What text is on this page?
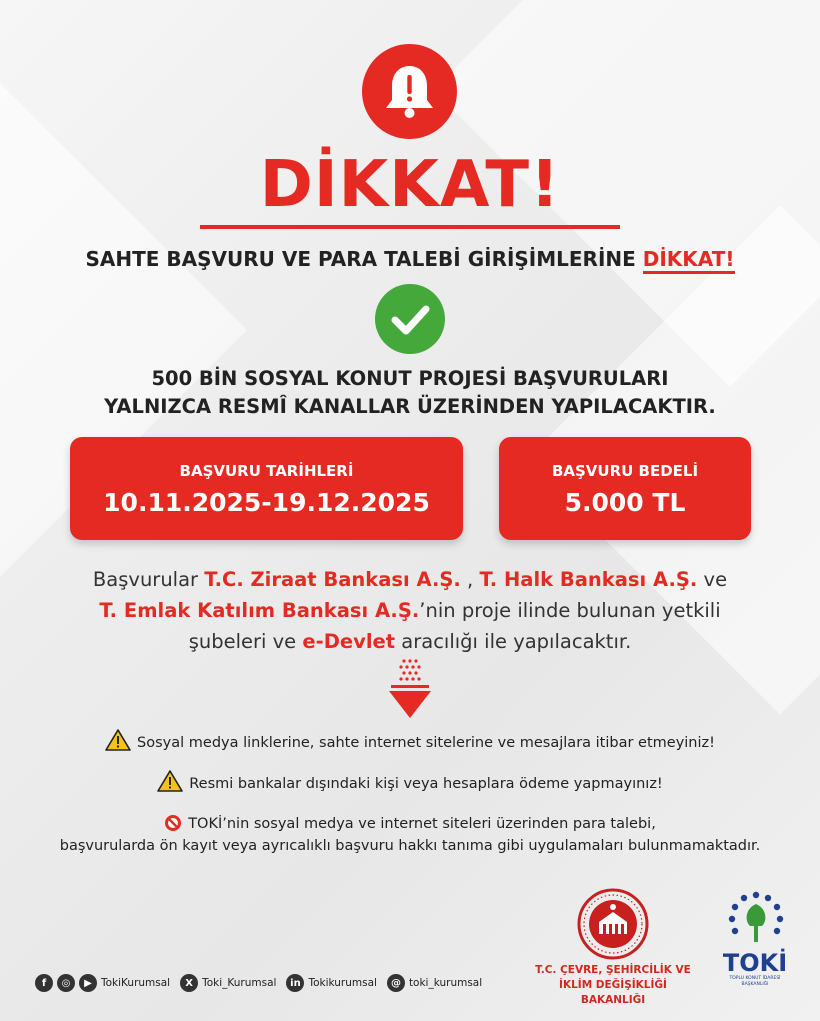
DİKKAT!
SAHTE BAŞVURU VE PARA TALEBİ GİRİŞİMLERİNE DİKKAT!
500 BİN SOSYAL KONUT PROJESİ BAŞVURULARI
YALNIZCA RESMÎ KANALLAR ÜZERİNDEN YAPILACAKTIR.
BAŞVURU TARİHLERİ
10.11.2025-19.12.2025
BAŞVURU BEDELİ
5.000 TL
Başvurular T.C. Ziraat Bankası A.Ş. , T. Halk Bankası A.Ş. ve
T. Emlak Katılım Bankası A.Ş.’nin proje ilinde bulunan yetkili
şubeleri ve e-Devlet aracılığı ile yapılacaktır.
Sosyal medya linklerine, sahte internet sitelerine ve mesajlara itibar etmeyiniz!
Resmi bankalar dışındaki kişi veya hesaplara ödeme yapmayınız!
TOKİ’nin sosyal medya ve internet siteleri üzerinden para talebi,
başvurularda ön kayıt veya ayrıcalıklı başvuru hakkı tanıma gibi uygulamaları bulunmamaktadır.
T.C. ÇEVRE, ŞEHİRCİLİK VE
İKLİM DEĞİŞİKLİĞİ BAKANLIĞI
TOKİ
TOPLU KONUT İDARESİ BAŞKANLIĞI
f	◎	▶ TokiKurumsal	X Toki_Kurumsal	in Tokikurumsal	@ toki_kurumsal
